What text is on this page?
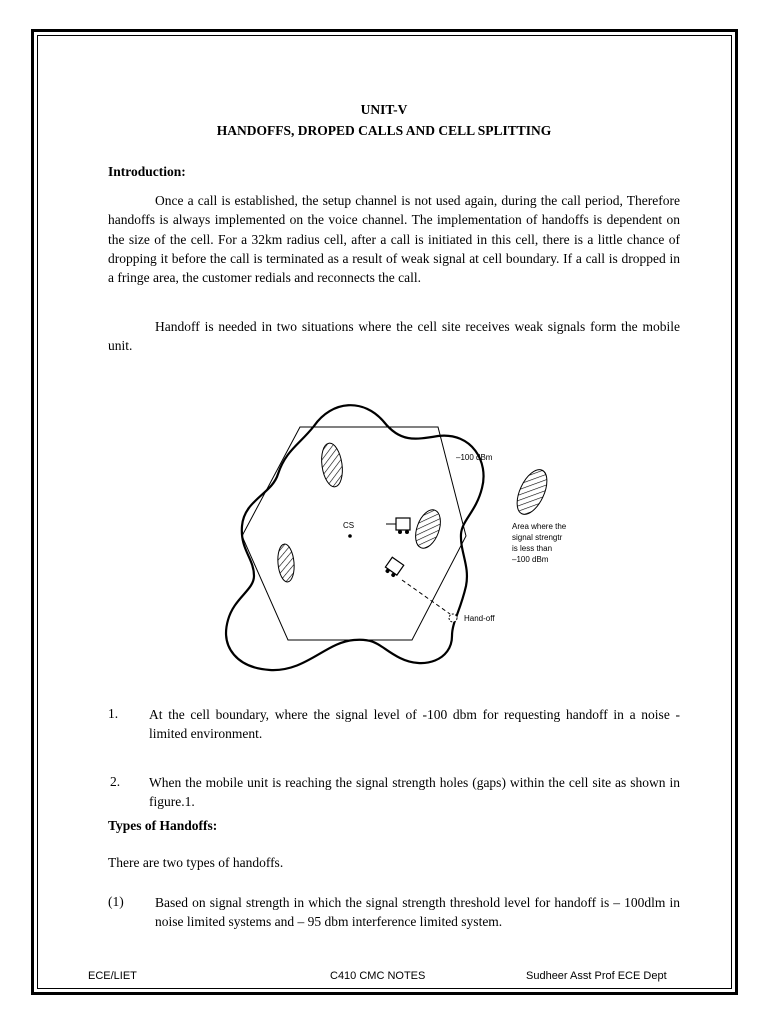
UNIT-V
HANDOFFS, DROPED CALLS AND CELL SPLITTING
Introduction:

Once a call is established, the setup channel is not used again, during the call period, Therefore handoffs is always implemented on the voice channel. The implementation of handoffs is dependent on the size of the cell. For a 32km radius cell, after a call is initiated in this cell, there is a little chance of dropping it before the call is terminated as a result of weak signal at cell boundary. If a call is dropped in a fringe area, the customer redials and reconnects the call.

Handoff is needed in two situations where the cell site receives weak signals form the mobile unit.

–100 dBm
CS	Area where the
signal strengtr
is less than
–100 dBm
Hand-off
1. At the cell boundary, where the signal level of -100 dbm for requesting handoff in a noise - limited environment.

2. When the mobile unit is reaching the signal strength holes (gaps) within the cell site as shown in figure.1.

Types of Handoffs:
There are two types of handoffs.
(1) Based on signal strength in which the signal strength threshold level for handoff is – 100dlm in noise limited systems and – 95 dbm interference limited system.

ECE/LIET	C410 CMC NOTES	Sudheer Asst Prof ECE Dept
